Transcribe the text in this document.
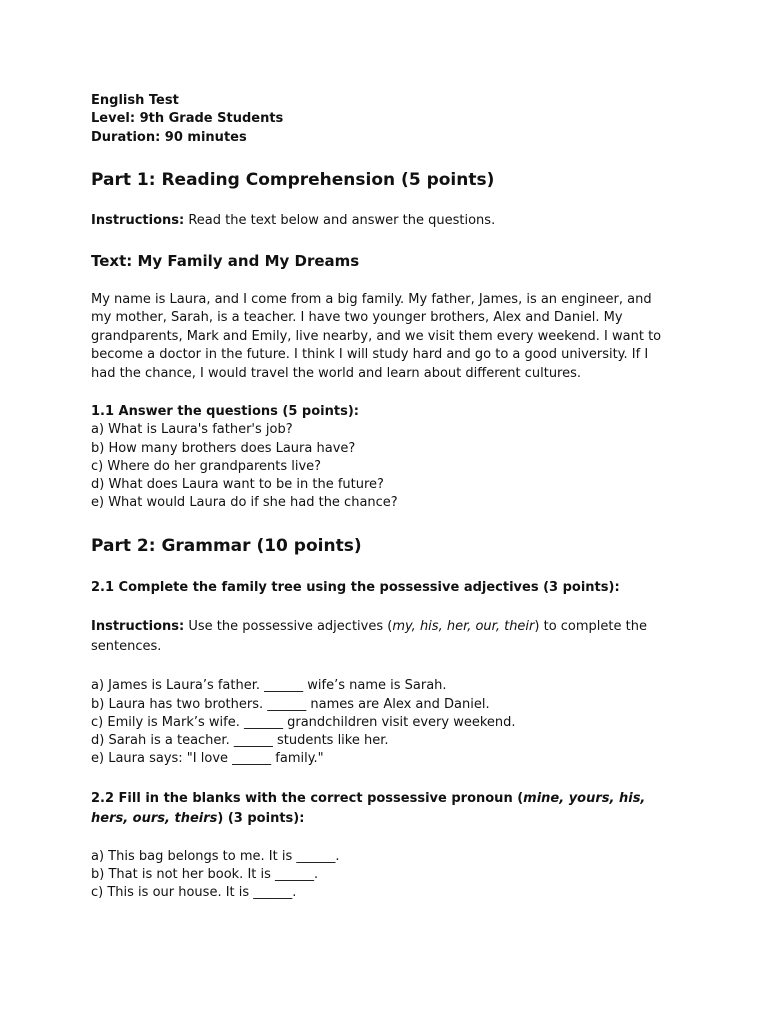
English Test
Level: 9th Grade Students
Duration: 90 minutes
Part 1: Reading Comprehension (5 points)
Instructions: Read the text below and answer the questions.
Text: My Family and My Dreams
My name is Laura, and I come from a big family. My father, James, is an engineer, and my mother, Sarah, is a teacher. I have two younger brothers, Alex and Daniel. My grandparents, Mark and Emily, live nearby, and we visit them every weekend. I want to become a doctor in the future. I think I will study hard and go to a good university. If I had the chance, I would travel the world and learn about different cultures.
1.1 Answer the questions (5 points):
a) What is Laura's father's job?
b) How many brothers does Laura have?
c) Where do her grandparents live?
d) What does Laura want to be in the future?
e) What would Laura do if she had the chance?
Part 2: Grammar (10 points)
2.1 Complete the family tree using the possessive adjectives (3 points):
Instructions: Use the possessive adjectives (my, his, her, our, their) to complete the sentences.
a) James is Laura’s father. ______ wife’s name is Sarah.
b) Laura has two brothers. ______ names are Alex and Daniel.
c) Emily is Mark’s wife. ______ grandchildren visit every weekend.
d) Sarah is a teacher. ______ students like her.
e) Laura says: "I love ______ family."
2.2 Fill in the blanks with the correct possessive pronoun (mine, yours, his, hers, ours, theirs) (3 points):
a) This bag belongs to me. It is ______.
b) That is not her book. It is ______.
c) This is our house. It is ______.
